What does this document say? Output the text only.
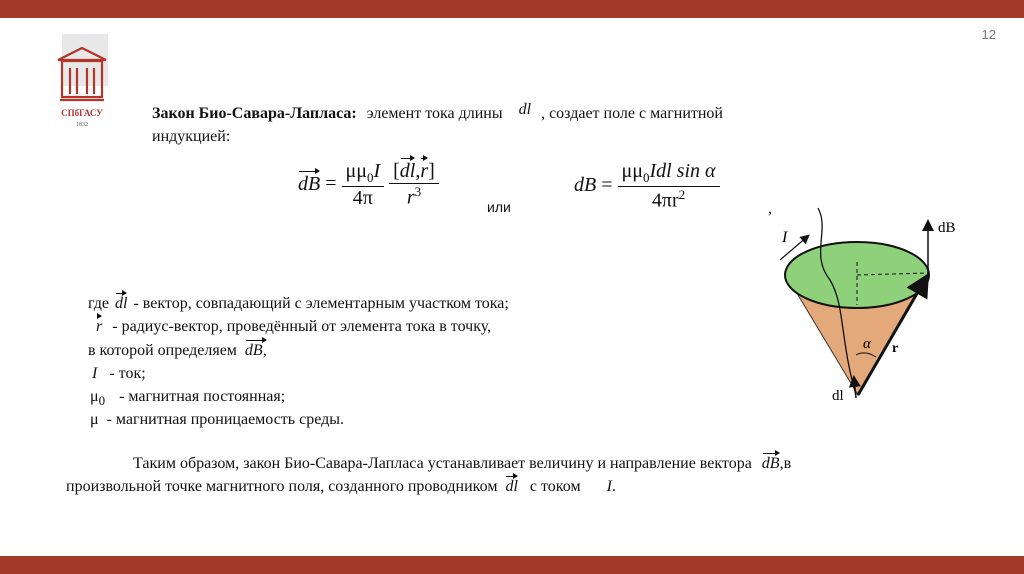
12
СПбГАСУ
1832
Закон Био-Савара-Лапласа: элемент тока длины dl , создает поле с магнитной
индукцией:
dB = $\frac{\mu\mu_0I}{4\pi}$
$\frac{[dl,r]}{r^3}$	или
dB = $\frac{\mu\mu_0Idl \sin \alpha}{4\pi r^2}$	,
где dl - вектор, совпадающий с элементарным участком тока;
r - радиус-вектор, проведённый от элемента тока в точку,
в которой определяем dB,
I - ток;
$\mu_0$ - магнитная постоянная;
μ - магнитная проницаемость среды.
Таким образом, закон Био-Савара-Лапласа устанавливает величину и направление вектора dB,в
произвольной точке магнитного поля, созданного проводником dl с током I.
I
dB
α r
dl
